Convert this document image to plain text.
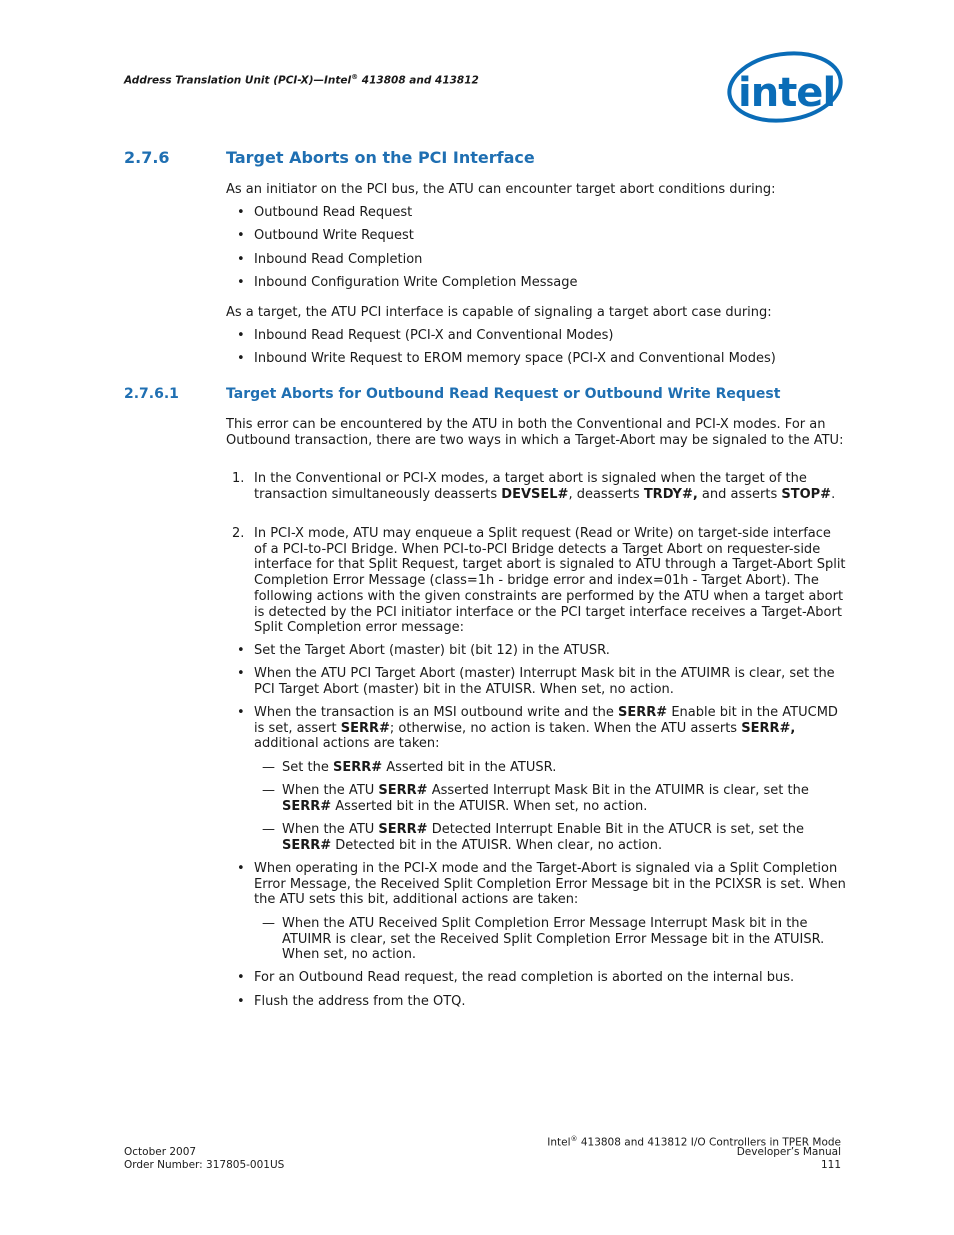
Address Translation Unit (PCI-X)—Intel® 413808 and 413812	intel
2.7.6	Target Aborts on the PCI Interface
As an initiator on the PCI bus, the ATU can encounter target abort conditions during:
• Outbound Read Request
• Outbound Write Request
• Inbound Read Completion
• Inbound Configuration Write Completion Message
As a target, the ATU PCI interface is capable of signaling a target abort case during:
• Inbound Read Request (PCI-X and Conventional Modes)
• Inbound Write Request to EROM memory space (PCI-X and Conventional Modes)
2.7.6.1	Target Aborts for Outbound Read Request or Outbound Write Request
This error can be encountered by the ATU in both the Conventional and PCI-X modes. For an Outbound transaction, there are two ways in which a Target-Abort may be signaled to the ATU:
1. In the Conventional or PCI-X modes, a target abort is signaled when the target of the transaction simultaneously deasserts DEVSEL#, deasserts TRDY#, and asserts STOP#.
2. In PCI-X mode, ATU may enqueue a Split request (Read or Write) on target-side interface of a PCI-to-PCI Bridge. When PCI-to-PCI Bridge detects a Target Abort on requester-side interface for that Split Request, target abort is signaled to ATU through a Target-Abort Split Completion Error Message (class=1h - bridge error and index=01h - Target Abort). The following actions with the given constraints are performed by the ATU when a target abort is detected by the PCI initiator interface or the PCI target interface receives a Target-Abort Split Completion error message:
• Set the Target Abort (master) bit (bit 12) in the ATUSR.
• When the ATU PCI Target Abort (master) Interrupt Mask bit in the ATUIMR is clear, set the PCI Target Abort (master) bit in the ATUISR. When set, no action.
• When the transaction is an MSI outbound write and the SERR# Enable bit in the ATUCMD is set, assert SERR#; otherwise, no action is taken. When the ATU asserts SERR#, additional actions are taken:
— Set the SERR# Asserted bit in the ATUSR.
— When the ATU SERR# Asserted Interrupt Mask Bit in the ATUIMR is clear, set the SERR# Asserted bit in the ATUISR. When set, no action.
— When the ATU SERR# Detected Interrupt Enable Bit in the ATUCR is set, set the SERR# Detected bit in the ATUISR. When clear, no action.
• When operating in the PCI-X mode and the Target-Abort is signaled via a Split Completion Error Message, the Received Split Completion Error Message bit in the PCIXSR is set. When the ATU sets this bit, additional actions are taken:
— When the ATU Received Split Completion Error Message Interrupt Mask bit in the ATUIMR is clear, set the Received Split Completion Error Message bit in the ATUISR. When set, no action.
• For an Outbound Read request, the read completion is aborted on the internal bus.
• Flush the address from the OTQ.
October 2007
Order Number: 317805-001US
Intel® 413808 and 413812 I/O Controllers in TPER Mode
Developer’s Manual
111
